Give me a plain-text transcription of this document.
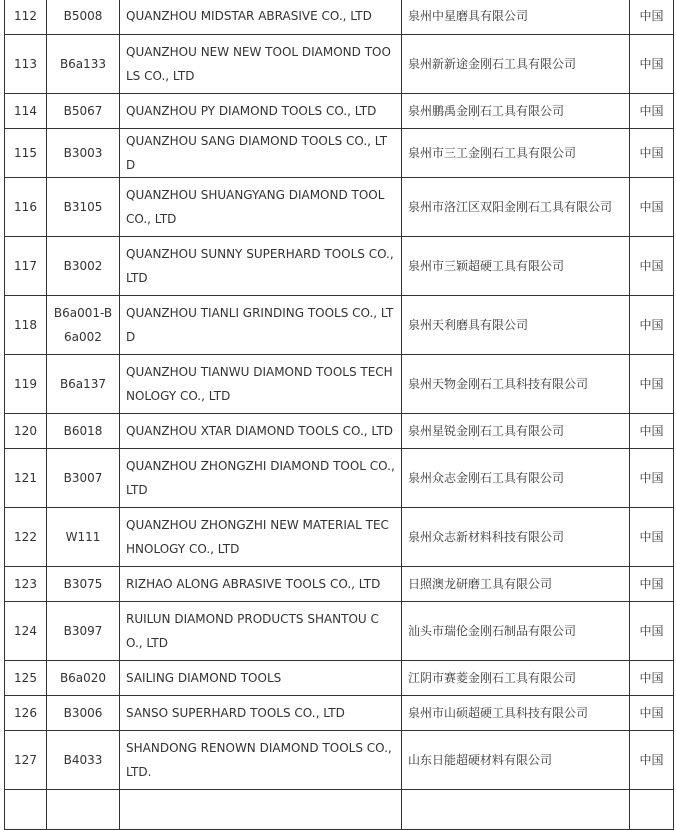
112	B5008	QUANZHOU MIDSTAR ABRASIVE CO., LTD	泉州中星磨具有限公司	中国
113	B6a133	QUANZHOU NEW NEW TOOL DIAMOND TOOLS CO., LTD	泉州新新途金刚石工具有限公司	中国
114	B5067	QUANZHOU PY DIAMOND TOOLS CO., LTD	泉州鹏禹金刚石工具有限公司	中国
115	B3003	QUANZHOU SANG DIAMOND TOOLS CO., LTD	泉州市三工金刚石工具有限公司	中国
116	B3105	QUANZHOU SHUANGYANG DIAMOND TOOL CO., LTD	泉州市洛江区双阳金刚石工具有限公司	中国
117	B3002	QUANZHOU SUNNY SUPERHARD TOOLS CO., LTD	泉州市三颖超硬工具有限公司	中国
118	B6a001-B6a002	QUANZHOU TIANLI GRINDING TOOLS CO., LTD	泉州天利磨具有限公司	中国
119	B6a137	QUANZHOU TIANWU DIAMOND TOOLS TECHNOLOGY CO., LTD	泉州天物金刚石工具科技有限公司	中国
120	B6018	QUANZHOU XTAR DIAMOND TOOLS CO., LTD	泉州星锐金刚石工具有限公司	中国
121	B3007	QUANZHOU ZHONGZHI DIAMOND TOOL CO., LTD	泉州众志金刚石工具有限公司	中国
122	W111	QUANZHOU ZHONGZHI NEW MATERIAL TECHNOLOGY CO., LTD	泉州众志新材料科技有限公司	中国
123	B3075	RIZHAO ALONG ABRASIVE TOOLS CO., LTD	日照澳龙研磨工具有限公司	中国
124	B3097	RUILUN DIAMOND PRODUCTS SHANTOU CO., LTD	汕头市瑞伦金刚石制品有限公司	中国
125	B6a020	SAILING DIAMOND TOOLS	江阴市赛菱金刚石工具有限公司	中国
126	B3006	SANSO SUPERHARD TOOLS CO., LTD	泉州市山硕超硬工具科技有限公司	中国
127	B4033	SHANDONG RENOWN DIAMOND TOOLS CO., LTD.	山东日能超硬材料有限公司	中国
